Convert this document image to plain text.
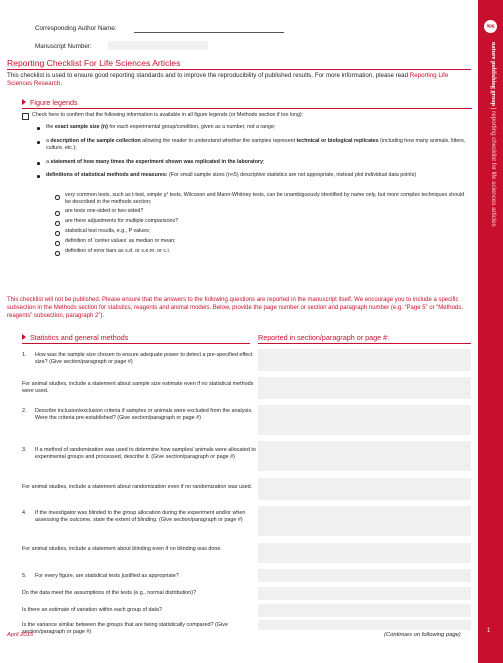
Corresponding Author Name:
Manuscript Number:
Reporting Checklist For Life Sciences Articles
This checklist is used to ensure good reporting standards and to improve the reproducibility of published results. For more information, please read Reporting Life Sciences Research.
Figure legends
Check here to confirm that the following information is available in all figure legends (or Methods section if too long):
the exact sample size (n) for each experimental group/condition, given as a number, not a range;
a description of the sample collection allowing the reader to understand whether the samples represent technical or biological replicates (including how many animals, litters, culture, etc.);
a statement of how many times the experiment shown was replicated in the laboratory;
definitions of statistical methods and measures: (For small sample sizes (n<5) descriptive statistics are not appropriate, instead plot individual data points)
very common tests, such as t-test, simple χ² tests, Wilcoxon and Mann-Whitney tests, can be unambiguously identified by name only, but more complex techniques should be described in the methods section;
are tests one-sided or two-sided?
are there adjustments for multiple comparisons?
statistical test results, e.g., P values;
definition of ‘center values’ as median or mean;
definition of error bars as s.d. or s.e.m. or c.i.
This checklist will not be published. Please ensure that the answers to the following questions are reported in the manuscript itself. We encourage you to include a specific subsection in the Methods section for statistics, reagents and animal models. Below, provide the page number or section and paragraph number (e.g. “Page 5” or “Methods, reagents” subsection, paragraph 2”).
Statistics and general methods	Reported in section/paragraph or page #:
1. How was the sample size chosen to ensure adequate power to detect a pre-specified effect size? (Give section/paragraph or page #)
For animal studies, include a statement about sample size estimate even if no statistical methods were used.
2. Describe inclusion/exclusion criteria if samples or animals were excluded from the analysis. Were the criteria pre-established? (Give section/paragraph or page #)
3. If a method of randomization was used to determine how samples/ animals were allocated to experimental groups and processed, describe it. (Give section/paragraph or page #)
For animal studies, include a statement about randomization even if no randomization was used.
4. If the investigator was blinded to the group allocation during the experiment and/or when assessing the outcome, state the extent of blinding. (Give section/paragraph or page #)
For animal studies, include a statement about blinding even if no blinding was done.
5. For every figure, are statistical tests justified as appropriate?
Do the data meet the assumptions of the tests (e.g., normal distribution)?
Is there an estimate of variation within each group of data?
Is the variance similar between the groups that are being statistically compared? (Give section/paragraph or page #)
April 2015	(Continues on following page)
npg
nature publishing group | reporting checklist for life sciences articles
1
